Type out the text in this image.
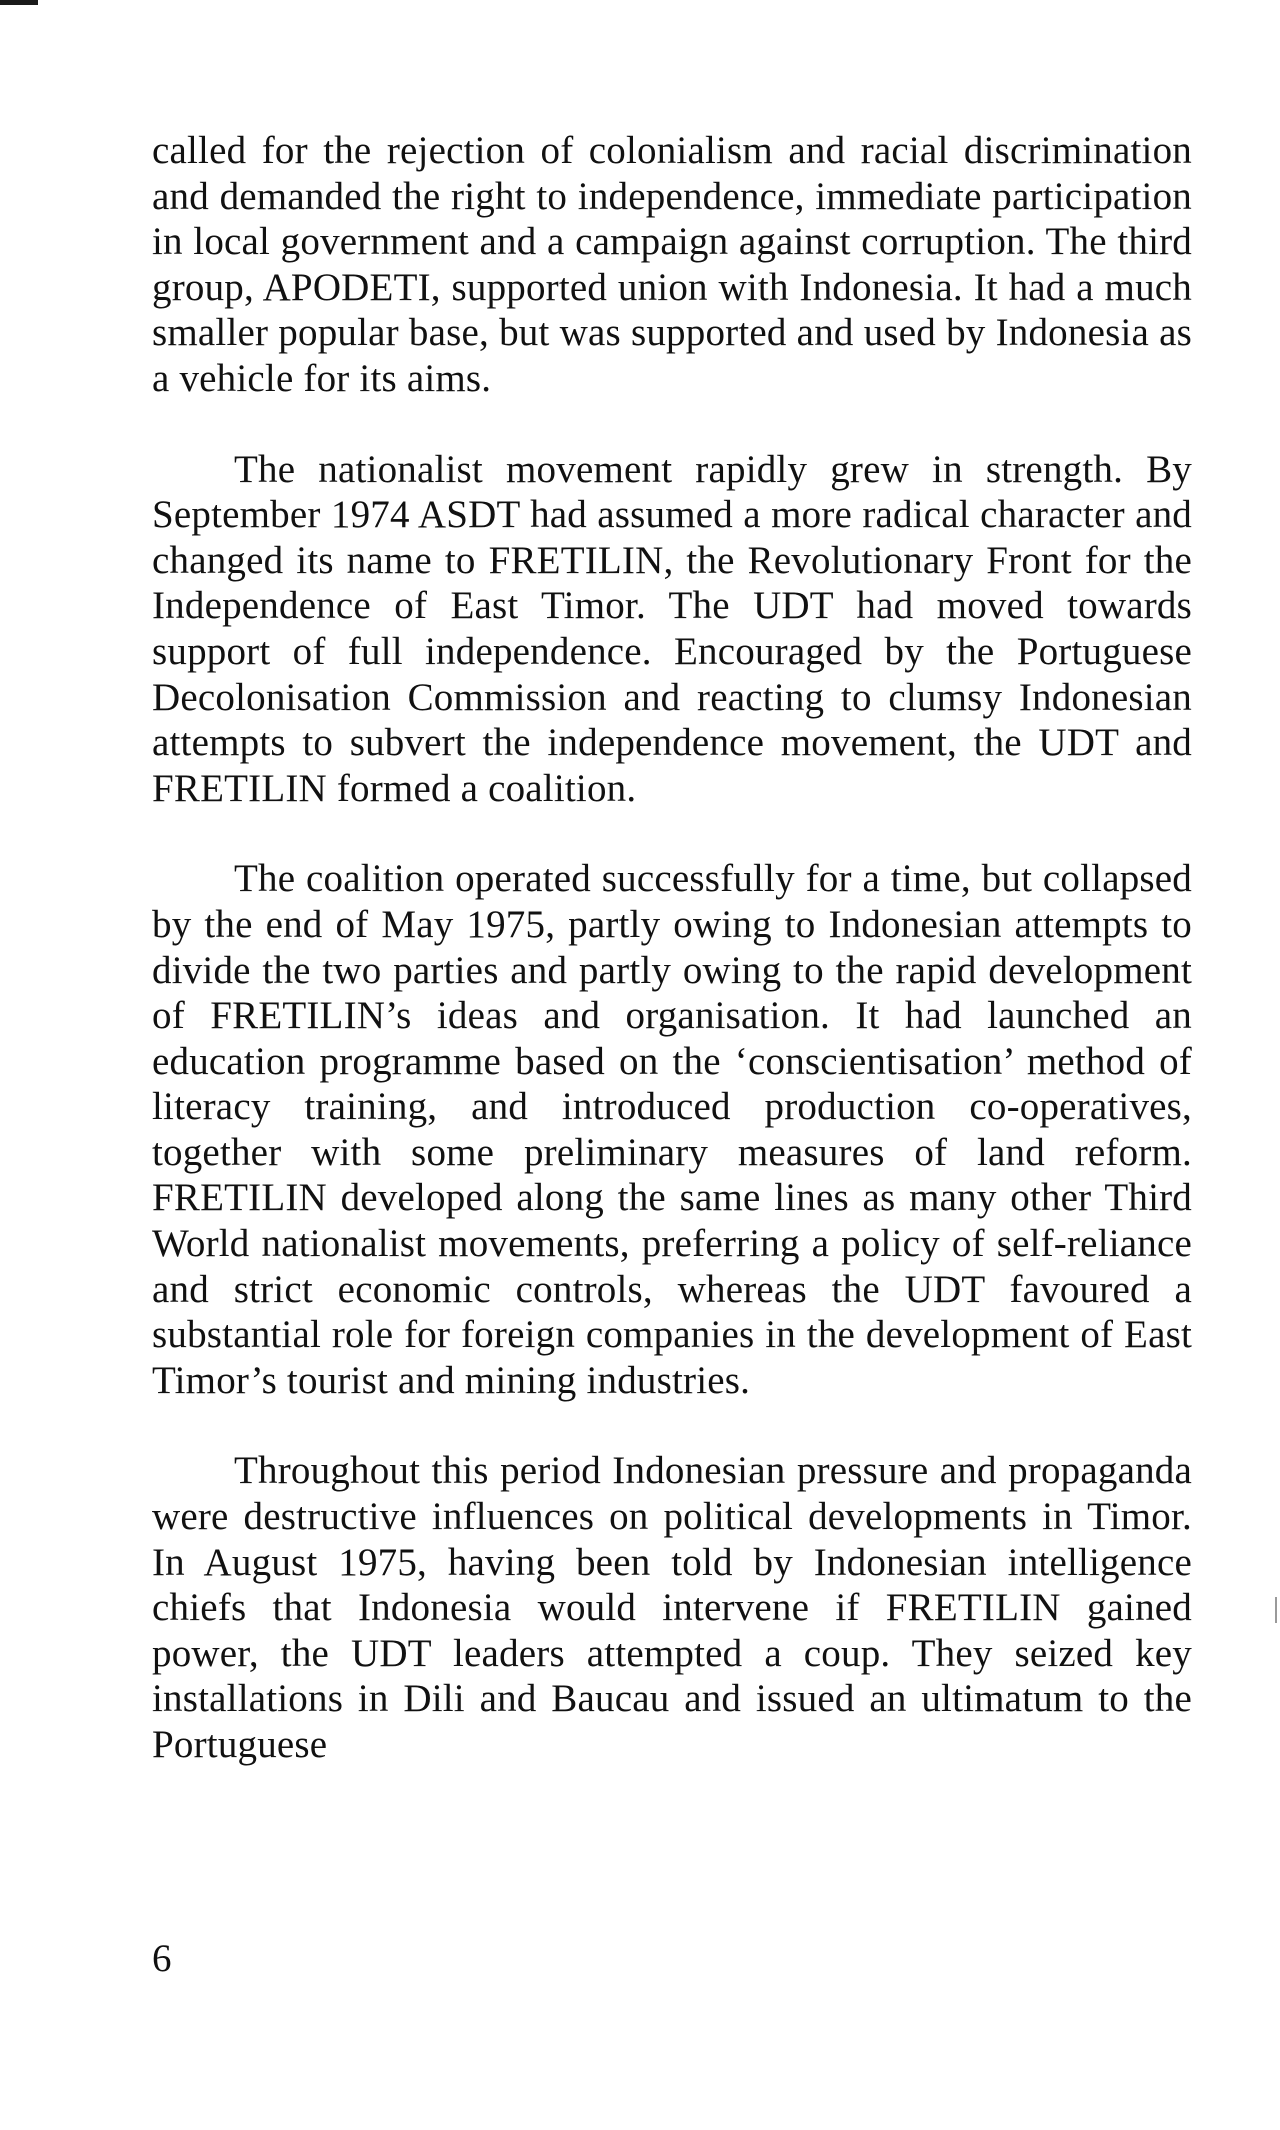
called for the rejection of colonialism and racial discrimination and demanded the right to independence, immediate participation in local government and a campaign against corruption. The third group, APODETI, supported union with Indonesia. It had a much smaller popular base, but was supported and used by Indonesia as a vehicle for its aims.

The nationalist movement rapidly grew in strength. By September 1974 ASDT had assumed a more radical character and changed its name to FRETILIN, the Revolutionary Front for the Independence of East Timor. The UDT had moved towards support of full independence. Encouraged by the Portuguese Decolonisation Commission and reacting to clumsy Indonesian attempts to subvert the independence movement, the UDT and FRETILIN formed a coalition.

The coalition operated successfully for a time, but collapsed by the end of May 1975, partly owing to Indonesian attempts to divide the two parties and partly owing to the rapid development of FRETILIN’s ideas and organisation. It had launched an education programme based on the ‘conscientisation’ method of literacy training, and introduced production co-operatives, together with some preliminary measures of land reform. FRETILIN developed along the same lines as many other Third World nationalist movements, preferring a policy of self-reliance and strict economic controls, whereas the UDT favoured a substantial role for foreign companies in the development of East Timor’s tourist and mining industries.

Throughout this period Indonesian pressure and propaganda were destructive influences on political developments in Timor. In August 1975, having been told by Indonesian intelligence chiefs that Indonesia would intervene if FRETILIN gained power, the UDT leaders attempted a coup. They seized key installations in Dili and Baucau and issued an ultimatum to the Portuguese

6
